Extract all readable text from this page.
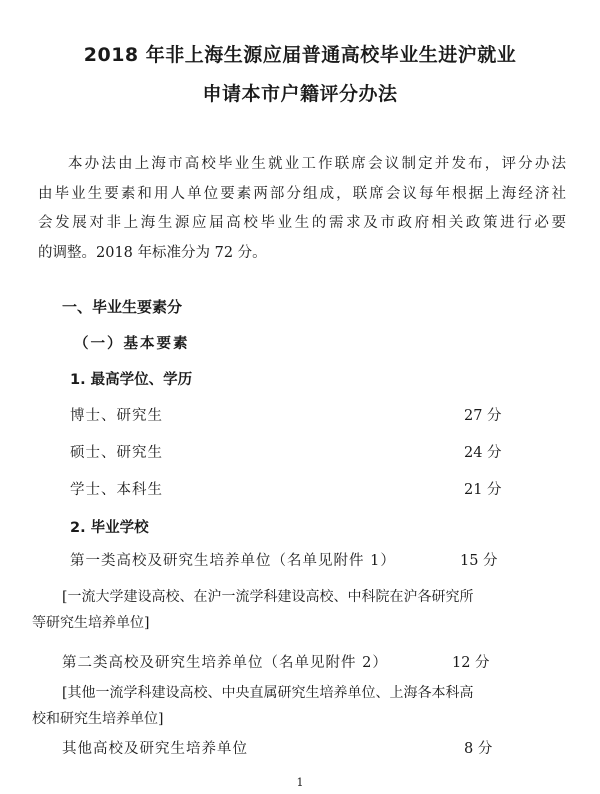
2018 年非上海生源应届普通高校毕业生进沪就业
申请本市户籍评分办法
本办法由上海市高校毕业生就业工作联席会议制定并发布，评分办法
由毕业生要素和用人单位要素两部分组成，联席会议每年根据上海经济社
会发展对非上海生源应届高校毕业生的需求及市政府相关政策进行必要
的调整。2018 年标准分为 72 分。
一、毕业生要素分
（一）基本要素
1. 最高学位、学历
博士、研究生	27 分
硕士、研究生	24 分
学士、本科生	21 分
2. 毕业学校
第一类高校及研究生培养单位（名单见附件 1）	15 分
[一流大学建设高校、在沪一流学科建设高校、中科院在沪各研究所
等研究生培养单位]
第二类高校及研究生培养单位（名单见附件 2）	12 分
[其他一流学科建设高校、中央直属研究生培养单位、上海各本科高
校和研究生培养单位]
其他高校及研究生培养单位	8 分
1
